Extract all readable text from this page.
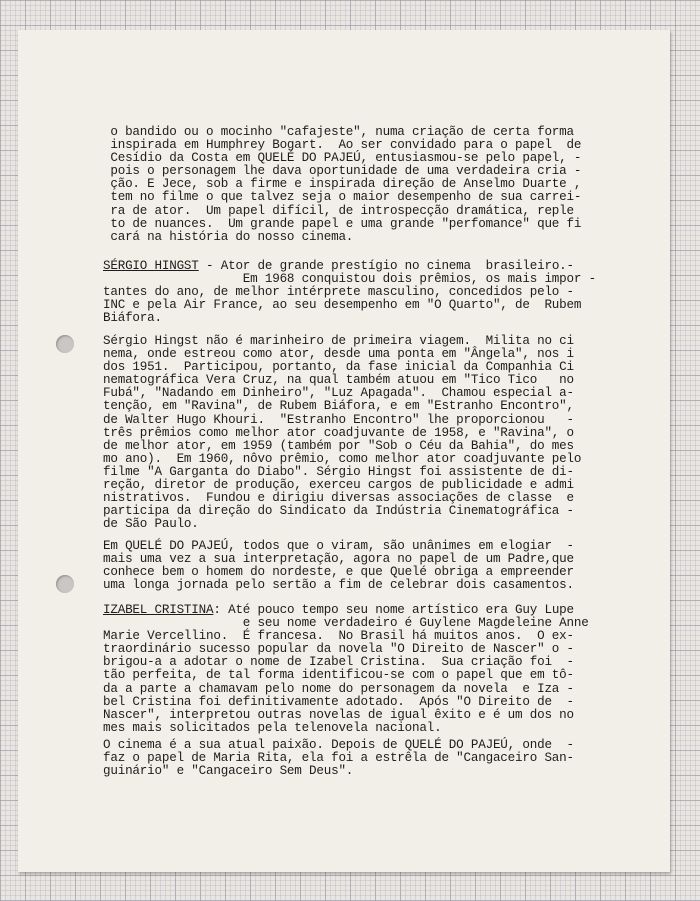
o bandido ou o mocinho "cafajeste", numa criação de certa forma
inspirada em Humphrey Bogart.  Ao ser convidado para o papel  de
Cesídio da Costa em QUELÉ DO PAJEÚ, entusiasmou-se pelo papel, -
pois o personagem lhe dava oportunidade de uma verdadeira cria -
ção. E Jece, sob a firme e inspirada direção de Anselmo Duarte ,
tem no filme o que talvez seja o maior desempenho de sua carrei-
ra de ator.  Um papel difícil, de introspecção dramática, reple
to de nuances.  Um grande papel e uma grande "perfomance" que fi
cará na história do nosso cinema.
SÉRGIO HINGST - Ator de grande prestígio no cinema  brasileiro.-
Em 1968 conquistou dois prêmios, os mais impor -
tantes do ano, de melhor intérprete masculino, concedidos pelo -
INC e pela Air France, ao seu desempenho em "O Quarto", de  Rubem
Biáfora.
Sérgio Hingst não é marinheiro de primeira viagem.  Milita no ci
nema, onde estreou como ator, desde uma ponta em "Ângela", nos i
dos 1951.  Participou, portanto, da fase inicial da Companhia Ci
nematográfica Vera Cruz, na qual também atuou em "Tico Tico   no
Fubá", "Nadando em Dinheiro", "Luz Apagada".  Chamou especial a-
tenção, em "Ravina", de Rubem Biáfora, e em "Estranho Encontro",
de Walter Hugo Khouri.  "Estranho Encontro" lhe proporcionou   -
três prêmios como melhor ator coadjuvante de 1958, e "Ravina", o
de melhor ator, em 1959 (também por "Sob o Céu da Bahia", do mes
mo ano).  Em 1960, nôvo prêmio, como melhor ator coadjuvante pelo
filme "A Garganta do Diabo". Sérgio Hingst foi assistente de di-
reção, diretor de produção, exerceu cargos de publicidade e admi
nistrativos.  Fundou e dirigiu diversas associações de classe  e
participa da direção do Sindicato da Indústria Cinematográfica -
de São Paulo.
Em QUELÉ DO PAJEÚ, todos que o viram, são unânimes em elogiar  -
mais uma vez a sua interpretação, agora no papel de um Padre,que
conhece bem o homem do nordeste, e que Quelé obriga a empreender
uma longa jornada pelo sertão a fim de celebrar dois casamentos.
IZABEL CRISTINA: Até pouco tempo seu nome artístico era Guy Lupe
e seu nome verdadeiro é Guylene Magdeleine Anne
Marie Vercellino.  É francesa.  No Brasil há muitos anos.  O ex-
traordinário sucesso popular da novela "O Direito de Nascer" o -
brigou-a a adotar o nome de Izabel Cristina.  Sua criação foi  -
tão perfeita, de tal forma identificou-se com o papel que em tô-
da a parte a chamavam pelo nome do personagem da novela  e Iza -
bel Cristina foi definitivamente adotado.  Após "O Direito de  -
Nascer", interpretou outras novelas de igual êxito e é um dos no
mes mais solicitados pela telenovela nacional.
O cinema é a sua atual paixão. Depois de QUELÉ DO PAJEÚ, onde  -
faz o papel de Maria Rita, ela foi a estrêla de "Cangaceiro San-
guinário" e "Cangaceiro Sem Deus".
